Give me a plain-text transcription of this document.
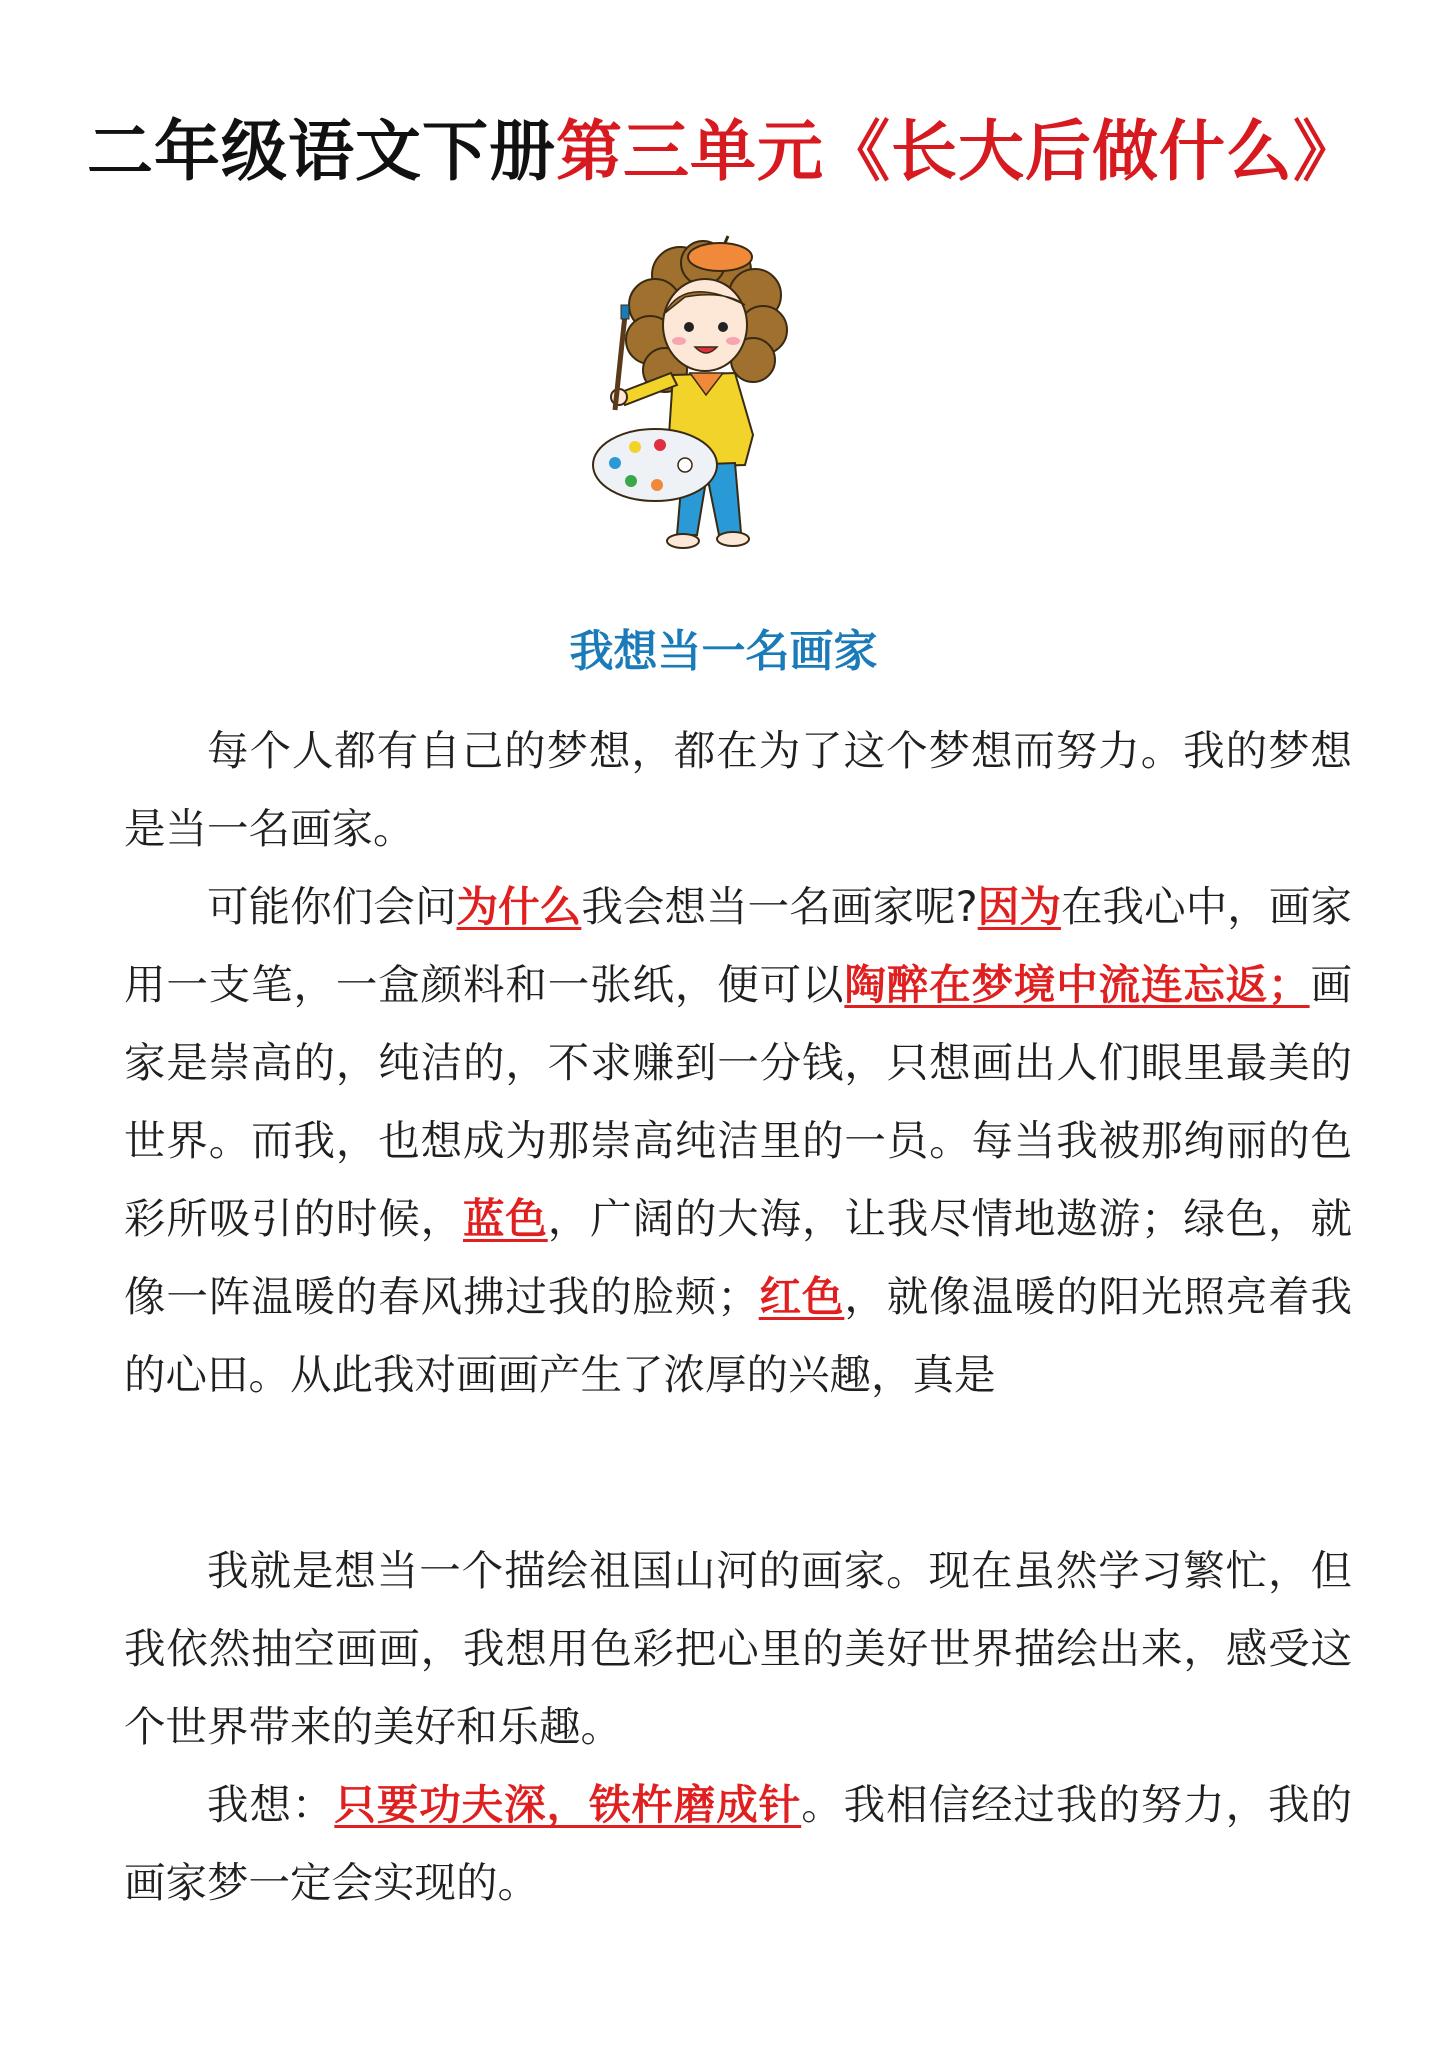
二年级语文下册第三单元《长大后做什么》
我想当一名画家

每个人都有自己的梦想，都在为了这个梦想而努力。我的梦想是当一名画家。

可能你们会问为什么我会想当一名画家呢?因为在我心中，画家用一支笔，一盒颜料和一张纸，便可以陶醉在梦境中流连忘返；画家是崇高的，纯洁的，不求赚到一分钱，只想画出人们眼里最美的世界。而我，也想成为那崇高纯洁里的一员。每当我被那绚丽的色彩所吸引的时候，蓝色，广阔的大海，让我尽情地遨游；绿色，就像一阵温暖的春风拂过我的脸颊；红色，就像温暖的阳光照亮着我的心田。从此我对画画产生了浓厚的兴趣，真是

我就是想当一个描绘祖国山河的画家。现在虽然学习繁忙，但我依然抽空画画，我想用色彩把心里的美好世界描绘出来，感受这个世界带来的美好和乐趣。

我想：只要功夫深，铁杵磨成针。我相信经过我的努力，我的画家梦一定会实现的。
